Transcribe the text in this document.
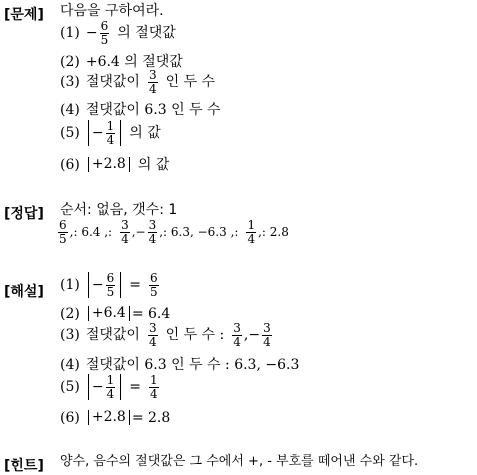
[문제] 다음을 구하여라.
$(1) - \frac{6}{5}$ 의 절댓값
(2) +6.4 의 절댓값
(3) 절댓값이 $\frac{3}{4}$ 인 두 수
(4) 절댓값이 6.3 인 두 수
$(5) - \frac{1}{4}$ 의 값
(6) +2.8 의 값
[정답] 순서: 없음, 갯수: 1
$\frac{6}{5}$ ,: 6.4 ,: $\frac{3}{4}$ ,− $\frac{3}{4}$ ,: 6.3, −6.3 ,: $\frac{1}{4}$ ,: 2.8
[해설] $(1) - \frac{6}{5} = \frac{6}{5}$
(2) +6.4 = 6.4
(3) 절댓값이 $\frac{3}{4}$ 인 두 수 : $\frac{3}{4}$ ,− $\frac{3}{4}$
(4) 절댓값이 6.3 인 두 수 : 6.3, −6.3
$(5) - \frac{1}{4} = \frac{1}{4}$
(6) +2.8 = 2.8
[힌트] 양수, 음수의 절댓값은 그 수에서 +, - 부호를 떼어낸 수와 같다.
